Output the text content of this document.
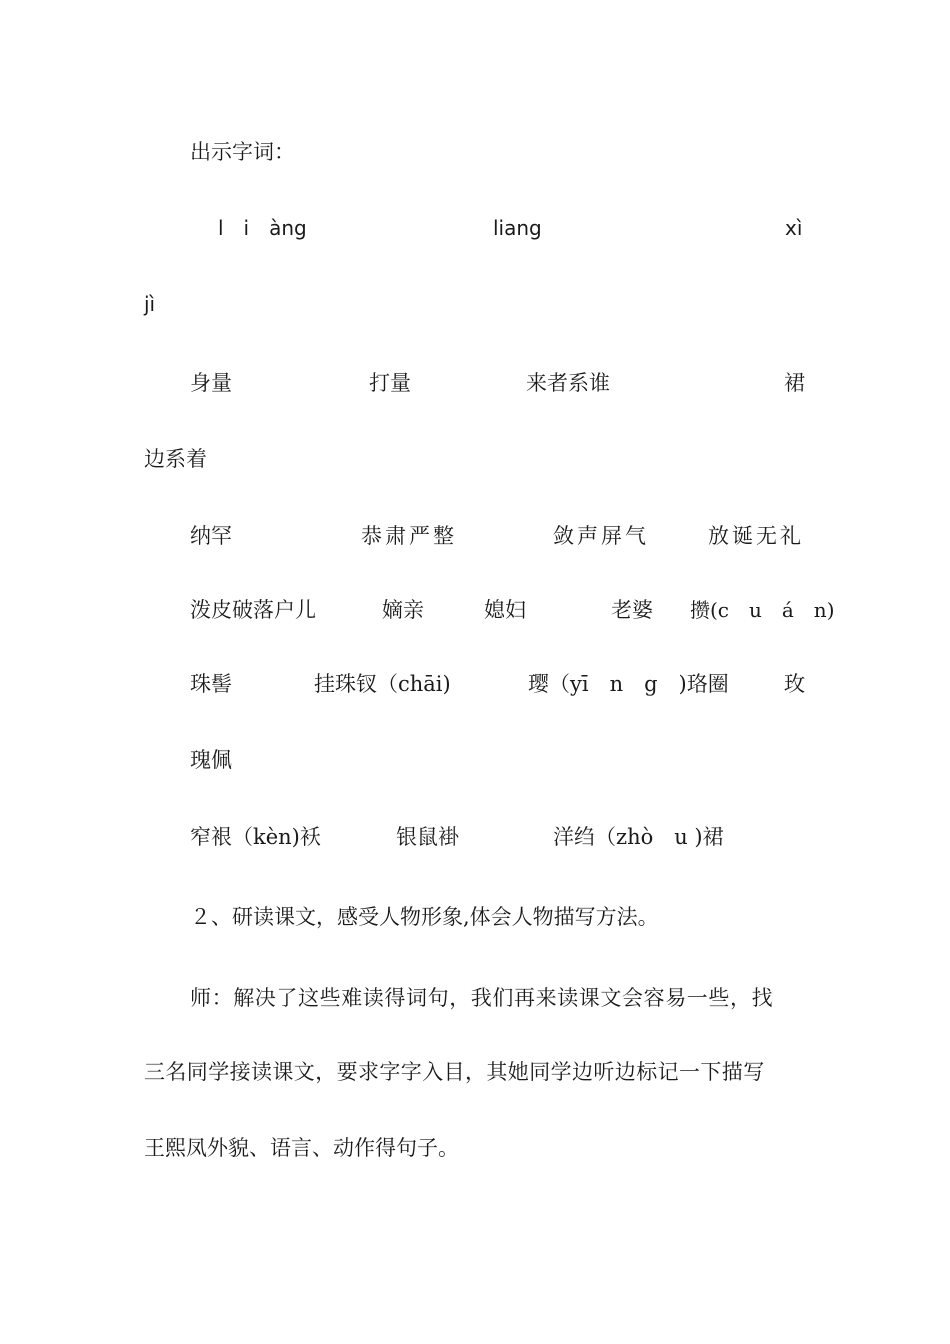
出示字词：
l　i　àng	liang	xì
jì
身量	打量	来者系谁	裙
边系着
纳罕	恭肃严整	敛声屏气	放诞无礼
泼皮破落户儿	嫡亲	媳妇	老婆 攒(c　u　á　n)
珠髻	挂珠钗（chāi)	璎（yī　n　g　)珞圈	玫
瑰佩
窄裉（kèn)袄	银鼠褂	洋绉（zhò　u )裙
２、研读课文，感受人物形象,体会人物描写方法。
师：解决了这些难读得词句，我们再来读课文会容易一些，找
三名同学接读课文，要求字字入目，其她同学边听边标记一下描写
王熙凤外貌、语言、动作得句子。
